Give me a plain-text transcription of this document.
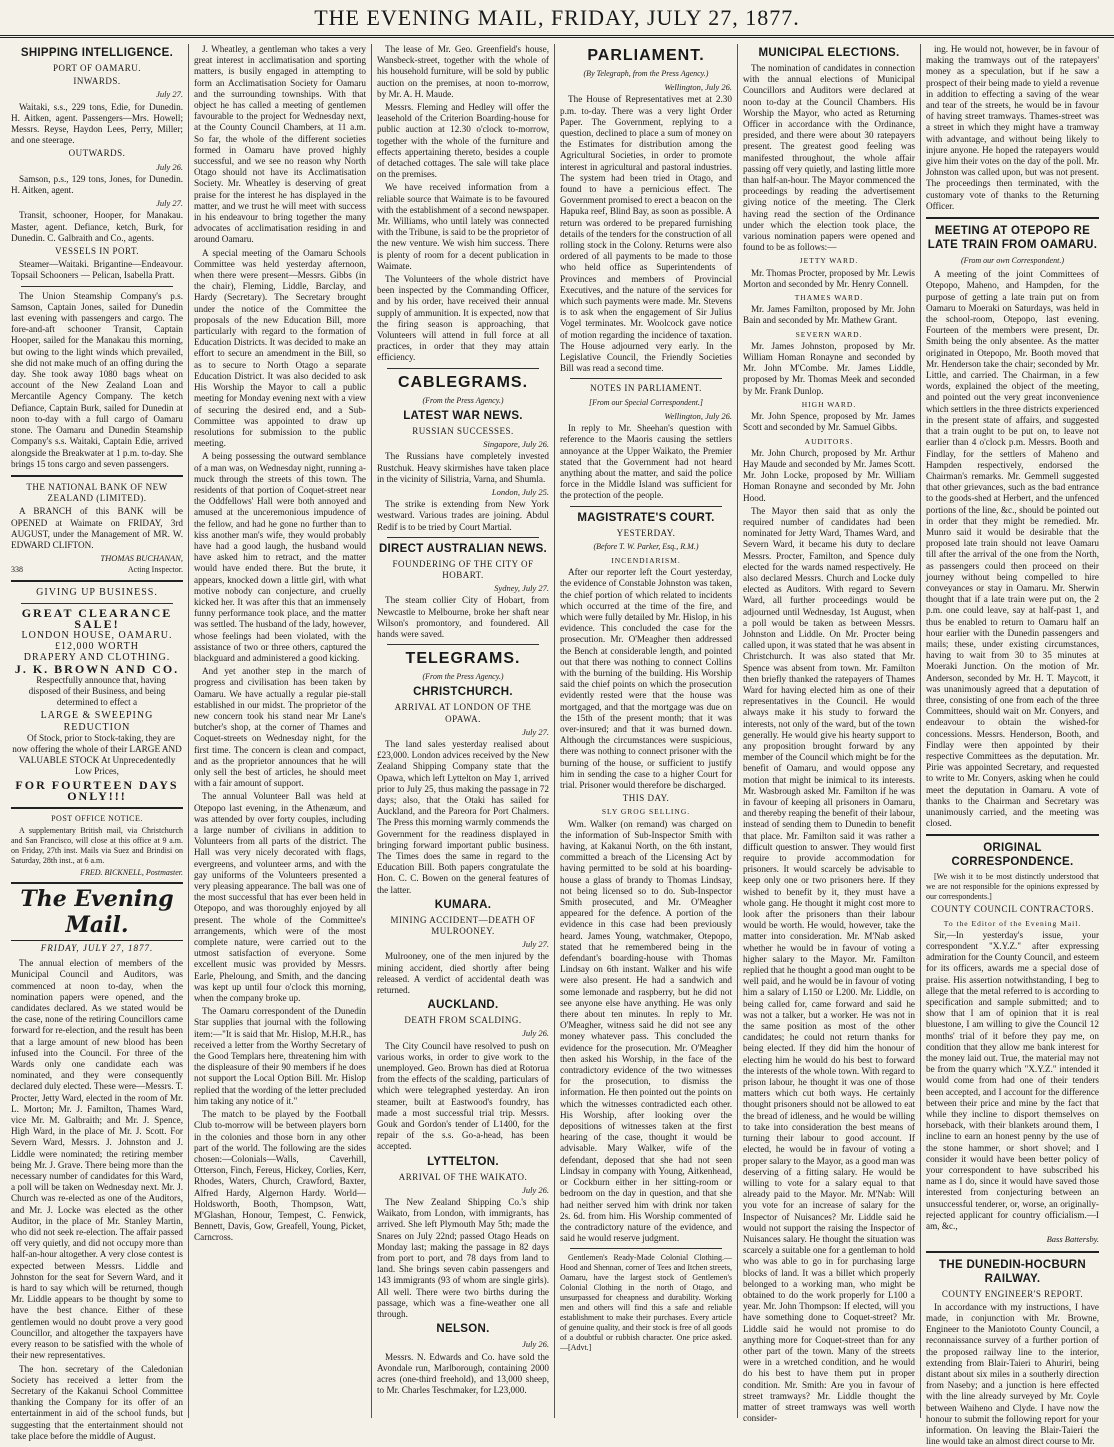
THE EVENING MAIL, FRIDAY, JULY 27, 1877.
SHIPPING INTELLIGENCE.
PORT OF OAMARU.
INWARDS.
July 27.

Waitaki, s.s., 229 tons, Edie, for Dunedin. H. Aitken, agent. Passengers—Mrs. Howell; Messrs. Reyse, Haydon Lees, Perry, Miller; and one steerage.

OUTWARDS.
July 26.

Samson, p.s., 129 tons, Jones, for Dunedin. H. Aitken, agent.

July 27.

Transit, schooner, Hooper, for Manakau. Master, agent. Defiance, ketch, Burk, for Dunedin. C. Galbraith and Co., agents.

VESSELS IN PORT.

Steamer—Waitaki. Brigantine—Endeavour. Topsail Schooners — Pelican, Isabella Pratt.

The Union Steamship Company's p.s. Samson, Captain Jones, sailed for Dunedin last evening with passengers and cargo. The fore-and-aft schooner Transit, Captain Hooper, sailed for the Manakau this morning, but owing to the light winds which prevailed, she did not make much of an offing during the day. She took away 1080 bags wheat on account of the New Zealand Loan and Mercantile Agency Company. The ketch Defiance, Captain Burk, sailed for Dunedin at noon to-day with a full cargo of Oamaru stone. The Oamaru and Dunedin Steamship Company's s.s. Waitaki, Captain Edie, arrived alongside the Breakwater at 1 p.m. to-day. She brings 15 tons cargo and seven passengers.

THE NATIONAL BANK OF NEW ZEALAND (LIMITED).

A BRANCH of this BANK will be OPENED at Waimate on FRIDAY, 3rd AUGUST, under the Management of MR. W. EDWARD CLIFTON.

THOMAS BUCHANAN,
338	Acting Inspector.
GIVING UP BUSINESS.
GREAT CLEARANCE SALE!
LONDON HOUSE, OAMARU.
£12,000 WORTH
DRAPERY AND CLOTHING.
J. K. BROWN AND CO.

Respectfully announce that, having disposed of their Business, and being determined to effect a

LARGE & SWEEPING REDUCTION

Of Stock, prior to Stock-taking, they are now offering the whole of their LARGE AND VALUABLE STOCK At Unprecedentedly Low Prices,

FOR FOURTEEN DAYS ONLY!!!
POST OFFICE NOTICE.

A supplementary British mail, via Christchurch and San Francisco, will close at this office at 9 a.m. on Friday, 27th inst. Mails via Suez and Brindisi on Saturday, 28th inst., at 6 a.m.

FRED. BICKNELL, Postmaster.
The Evening Mail.
FRIDAY, JULY 27, 1877.

The annual election of members of the Municipal Council and Auditors, was commenced at noon to-day, when the nomination papers were opened, and the candidates declared. As we stated would be the case, none of the retiring Councillors came forward for re-election, and the result has been that a large amount of new blood has been infused into the Council. For three of the Wards only one candidate each was nominated, and they were consequently declared duly elected. These were—Messrs. T. Procter, Jetty Ward, elected in the room of Mr. L. Morton; Mr. J. Familton, Thames Ward, vice Mr. M. Galbraith; and Mr. J. Spence, High Ward, in the place of Mr. J. Scott. For Severn Ward, Messrs. J. Johnston and J. Liddle were nominated; the retiring member being Mr. J. Grave. There being more than the necessary number of candidates for this Ward, a poll will be taken on Wednesday next. Mr. J. Church was re-elected as one of the Auditors, and Mr. J. Locke was elected as the other Auditor, in the place of Mr. Stanley Martin, who did not seek re-election. The affair passed off very quietly, and did not occupy more than half-an-hour altogether. A very close contest is expected between Messrs. Liddle and Johnston for the seat for Severn Ward, and it is hard to say which will be returned, though Mr. Liddle appears to be thought by some to have the best chance. Either of these gentlemen would no doubt prove a very good Councillor, and altogether the taxpayers have every reason to be satisfied with the whole of their new representatives.

The hon. secretary of the Caledonian Society has received a letter from the Secretary of the Kakanui School Committee thanking the Company for its offer of an entertainment in aid of the school funds, but suggesting that the entertainment should not take place before the middle of August.

J. Wheatley, a gentleman who takes a very great interest in acclimatisation and sporting matters, is busily engaged in attempting to form an Acclimatisation Society for Oamaru and the surrounding townships. With that object he has called a meeting of gentlemen favourable to the project for Wednesday next, at the County Council Chambers, at 11 a.m. So far, the whole of the different societies formed in Oamaru have proved highly successful, and we see no reason why North Otago should not have its Acclimatisation Society. Mr. Wheatley is deserving of great praise for the interest he has displayed in the matter, and we trust he will meet with success in his endeavour to bring together the many advocates of acclimatisation residing in and around Oamaru.

A special meeting of the Oamaru Schools Committee was held yesterday afternoon, when there were present—Messrs. Gibbs (in the chair), Fleming, Liddle, Barclay, and Hardy (Secretary). The Secretary brought under the notice of the Committee the proposals of the new Education Bill, more particularly with regard to the formation of Education Districts. It was decided to make an effort to secure an amendment in the Bill, so as to secure to North Otago a separate Education District. It was also decided to ask His Worship the Mayor to call a public meeting for Monday evening next with a view of securing the desired end, and a Sub-Committee was appointed to draw up resolutions for submission to the public meeting.

A being possessing the outward semblance of a man was, on Wednesday night, running a-muck through the streets of this town. The residents of that portion of Coquet-street near the Oddfellows' Hall were both annoyed and amused at the unceremonious impudence of the fellow, and had he gone no further than to kiss another man's wife, they would probably have had a good laugh, the husband would have asked him to retract, and the matter would have ended there. But the brute, it appears, knocked down a little girl, with what motive nobody can conjecture, and cruelly kicked her. It was after this that an immensely funny performance took place, and the matter was settled. The husband of the lady, however, whose feelings had been violated, with the assistance of two or three others, captured the blackguard and administered a good kicking.

And yet another step in the march of progress and civilisation has been taken by Oamaru. We have actually a regular pie-stall established in our midst. The proprietor of the new concern took his stand near Mr Lane's butcher's shop, at the corner of Thames and Coquet-streets on Wednesday night, for the first time. The concern is clean and compact, and as the proprietor announces that he will only sell the best of articles, he should meet with a fair amount of support.

The annual Volunteer Ball was held at Otepopo last evening, in the Athenæum, and was attended by over forty couples, including a large number of civilians in addition to Volunteers from all parts of the district. The Hall was very nicely decorated with flags, evergreens, and volunteer arms, and with the gay uniforms of the Volunteers presented a very pleasing appearance. The ball was one of the most successful that has ever been held in Otepopo, and was thoroughly enjoyed by all present. The whole of the Committee's arrangements, which were of the most complete nature, were carried out to the utmost satisfaction of everyone. Some excellent music was provided by Messrs. Earle, Pheloung, and Smith, and the dancing was kept up until four o'clock this morning, when the company broke up.

The Oamaru correspondent of the Dunedin Star supplies that journal with the following item:—"It is said that Mr. Hislop, M.H.R., has received a letter from the Worthy Secretary of the Good Templars here, threatening him with the displeasure of their 90 members if he does not support the Local Option Bill. Mr. Hislop replied that the wording of the letter precluded him taking any notice of it."

The match to be played by the Football Club to-morrow will be between players born in the colonies and those born in any other part of the world. The following are the sides chosen:—Colonials—Walls, Caverhill, Otterson, Finch, Fereus, Hickey, Corlies, Kerr, Rhodes, Waters, Church, Crawford, Baxter, Alfred Hardy, Algernon Hardy. World—Holdsworth, Booth, Thompson, Watt, M'Glashan, Honour, Tempest, C. Fenwick, Bennett, Davis, Gow, Greafell, Young, Picket, Carncross.

The lease of Mr. Geo. Greenfield's house, Wansbeck-street, together with the whole of his household furniture, will be sold by public auction on the premises, at noon to-morrow, by Mr. A. H. Maude.

Messrs. Fleming and Hedley will offer the leasehold of the Criterion Boarding-house for public auction at 12.30 o'clock to-morrow, together with the whole of the furniture and effects appertaining thereto, besides a couple of detached cottages. The sale will take place on the premises.

We have received information from a reliable source that Waimate is to be favoured with the establishment of a second newspaper. Mr. Williams, who until lately was connected with the Tribune, is said to be the proprietor of the new venture. We wish him success. There is plenty of room for a decent publication in Waimate.

The Volunteers of the whole district have been inspected by the Commanding Officer, and by his order, have received their annual supply of ammunition. It is expected, now that the firing season is approaching, that Volunteers will attend in full force at all practices, in order that they may attain efficiency.

CABLEGRAMS.
(From the Press Agency.)
LATEST WAR NEWS.
RUSSIAN SUCCESSES.
Singapore, July 26.

The Russians have completely invested Rustchuk. Heavy skirmishes have taken place in the vicinity of Silistria, Varna, and Shumla.

London, July 25.

The strike is extending from New York westward. Various trades are joining. Abdul Redif is to be tried by Court Martial.

DIRECT AUSTRALIAN NEWS.
FOUNDERING OF THE CITY OF HOBART.
Sydney, July 27.

The steam collier City of Hobart, from Newcastle to Melbourne, broke her shaft near Wilson's promontory, and foundered. All hands were saved.

TELEGRAMS.
(From the Press Agency.)
CHRISTCHURCH.
ARRIVAL AT LONDON OF THE OPAWA.
July 27.

The land sales yesterday realised about £23,000. London advices received by the New Zealand Shipping Company state that the Opawa, which left Lyttelton on May 1, arrived prior to July 25, thus making the passage in 72 days; also, that the Otaki has sailed for Auckland, and the Pareora for Port Chalmers. The Press this morning warmly commends the Government for the readiness displayed in bringing forward important public business. The Times does the same in regard to the Education Bill. Both papers congratulate the Hon. C. C. Bowen on the general features of the latter.

KUMARA.
MINING ACCIDENT—DEATH OF MULROONEY.
July 27.

Mulrooney, one of the men injured by the mining accident, died shortly after being released. A verdict of accidental death was returned.

AUCKLAND.
DEATH FROM SCALDING.
July 26.

The City Council have resolved to push on various works, in order to give work to the unemployed. Geo. Brown has died at Rotorua from the effects of the scalding, particulars of which were telegraphed yesterday. An iron steamer, built at Eastwood's foundry, has made a most successful trial trip. Messrs. Gouk and Gordon's tender of L1400, for the repair of the s.s. Go-a-head, has been accepted.

LYTTELTON.
ARRIVAL OF THE WAIKATO.
July 26.

The New Zealand Shipping Co.'s ship Waikato, from London, with immigrants, has arrived. She left Plymouth May 5th; made the Snares on July 22nd; passed Otago Heads on Monday last; making the passage in 82 days from port to port, and 78 days from land to land. She brings seven cabin passengers and 143 immigrants (93 of whom are single girls). All well. There were two births during the passage, which was a fine-weather one all through.

NELSON.
July 26.

Messrs. N. Edwards and Co. have sold the Avondale run, Marlborough, containing 2000 acres (one-third freehold), and 13,000 sheep, to Mr. Charles Teschmaker, for L23,000.

PARLIAMENT.
(By Telegraph, from the Press Agency.)
Wellington, July 26.

The House of Representatives met at 2.30 p.m. to-day. There was a very light Order Paper. The Government, replying to a question, declined to place a sum of money on the Estimates for distribution among the Agricultural Societies, in order to promote interest in agricultural and pastoral industries. The system had been tried in Otago, and found to have a pernicious effect. The Government promised to erect a beacon on the Hapuka reef, Blind Bay, as soon as possible. A return was ordered to be prepared furnishing details of the tenders for the construction of all rolling stock in the Colony. Returns were also ordered of all payments to be made to those who held office as Superintendents of Provinces and members of Provincial Executives, and the nature of the services for which such payments were made. Mr. Stevens is to ask when the engagement of Sir Julius Vogel terminates. Mr. Woolcock gave notice of motion regarding the incidence of taxation. The House adjourned very early. In the Legislative Council, the Friendly Societies Bill was read a second time.

NOTES IN PARLIAMENT.
[From our Special Correspondent.]
Wellington, July 26.

In reply to Mr. Sheehan's question with reference to the Maoris causing the settlers annoyance at the Upper Waikato, the Premier stated that the Government had not heard anything about the matter, and said the police force in the Middle Island was sufficient for the protection of the people.

MAGISTRATE'S COURT.
YESTERDAY.
(Before T. W. Parker, Esq., R.M.)
INCENDIARISM.

After our reporter left the Court yesterday, the evidence of Constable Johnston was taken, the chief portion of which related to incidents which occurred at the time of the fire, and which were fully detailed by Mr. Hislop, in his evidence. This concluded the case for the prosecution. Mr. O'Meagher then addressed the Bench at considerable length, and pointed out that there was nothing to connect Collins with the burning of the building. His Worship said the chief points on which the prosecution evidently rested were that the house was mortgaged, and that the mortgage was due on the 15th of the present month; that it was over-insured; and that it was burned down. Although the circumstances were suspicious, there was nothing to connect prisoner with the burning of the house, or sufficient to justify him in sending the case to a higher Court for trial. Prisoner would therefore be discharged.

THIS DAY.
SLY GROG SELLING.

Wm. Walker (on remand) was charged on the information of Sub-Inspector Smith with having, at Kakanui North, on the 6th instant, committed a breach of the Licensing Act by having permitted to be sold at his boarding-house a glass of brandy to Thomas Lindsay, not being licensed so to do. Sub-Inspector Smith prosecuted, and Mr. O'Meagher appeared for the defence. A portion of the evidence in this case had been previously heard. James Young, watchmaker, Otepopo, stated that he remembered being in the defendant's boarding-house with Thomas Lindsay on 6th instant. Walker and his wife were also present. He had a sandwich and some lemonade and raspberry, but he did not see anyone else have anything. He was only there about ten minutes. In reply to Mr. O'Meagher, witness said he did not see any money whatever pass. This concluded the evidence for the prosecution. Mr. O'Meagher then asked his Worship, in the face of the contradictory evidence of the two witnesses for the prosecution, to dismiss the information. He then pointed out the points on which the witnesses contradicted each other. His Worship, after looking over the depositions of witnesses taken at the first hearing of the case, thought it would be advisable. Mary Walker, wife of the defendant, deposed that she had not seen Lindsay in company with Young, Aitkenhead, or Cockburn either in her sitting-room or bedroom on the day in question, and that she had neither served him with drink nor taken 2s. 6d. from him. His Worship commented of the contradictory nature of the evidence, and said he would reserve judgment.

Gentlemen's Ready-Made Colonial Clothing.—Hood and Shennan, corner of Tees and Itchen streets, Oamaru, have the largest stock of Gentlemen's Colonial Clothing in the north of Otago, and unsurpassed for cheapness and durability. Working men and others will find this a safe and reliable establishment to make their purchases. Every article of genuine quality, and their stock is free of all goods of a doubtful or rubbish character. One price asked.—[Advt.]

MUNICIPAL ELECTIONS.

The nomination of candidates in connection with the annual elections of Municipal Councillors and Auditors were declared at noon to-day at the Council Chambers. His Worship the Mayor, who acted as Returning Officer in accordance with the Ordinance, presided, and there were about 30 ratepayers present. The greatest good feeling was manifested throughout, the whole affair passing off very quietly, and lasting little more than half-an-hour. The Mayor commenced the proceedings by reading the advertisement giving notice of the meeting. The Clerk having read the section of the Ordinance under which the election took place, the various nomination papers were opened and found to be as follows:—

JETTY WARD.

Mr. Thomas Procter, proposed by Mr. Lewis Morton and seconded by Mr. Henry Connell.

THAMES WARD.

Mr. James Familton, proposed by Mr. John Bain and seconded by Mr. Mathew Grant.

SEVERN WARD.

Mr. James Johnston, proposed by Mr. William Homan Ronayne and seconded by Mr. John M'Combe. Mr. James Liddle, proposed by Mr. Thomas Meek and seconded by Mr. Frank Dunlop.

HIGH WARD.

Mr. John Spence, proposed by Mr. James Scott and seconded by Mr. Samuel Gibbs.

AUDITORS.

Mr. John Church, proposed by Mr. Arthur Hay Maude and seconded by Mr. James Scott. Mr. John Locke, proposed by Mr. William Homan Ronayne and seconded by Mr. John Hood.

The Mayor then said that as only the required number of candidates had been nominated for Jetty Ward, Thames Ward, and Severn Ward, it became his duty to declare Messrs. Procter, Familton, and Spence duly elected for the wards named respectively. He also declared Messrs. Church and Locke duly elected as Auditors. With regard to Severn Ward, all further proceedings would be adjourned until Wednesday, 1st August, when a poll would be taken as between Messrs. Johnston and Liddle. On Mr. Procter being called upon, it was stated that he was absent in Christchurch. It was also stated that Mr. Spence was absent from town. Mr. Familton then briefly thanked the ratepayers of Thames Ward for having elected him as one of their representatives in the Council. He would always make it his study to forward the interests, not only of the ward, but of the town generally. He would give his hearty support to any proposition brought forward by any member of the Council which might be for the benefit of Oamaru, and would oppose any motion that might be inimical to its interests. Mr. Wasbrough asked Mr. Familton if he was in favour of keeping all prisoners in Oamaru, and thereby reaping the benefit of their labour, instead of sending them to Dunedin to benefit that place. Mr. Familton said it was rather a difficult question to answer. They would first require to provide accommodation for prisoners. It would scarcely be advisable to keep only one or two prisoners here. If they wished to benefit by it, they must have a whole gang. He thought it might cost more to look after the prisoners than their labour would be worth. He would, however, take the matter into consideration. Mr. M'Nab asked whether he would be in favour of voting a higher salary to the Mayor. Mr. Familton replied that he thought a good man ought to be well paid, and he would be in favour of voting him a salary of L150 or L200. Mr. Liddle, on being called for, came forward and said he was not a talker, but a worker. He was not in the same position as most of the other candidates; he could not return thanks for being elected. If they did him the honour of electing him he would do his best to forward the interests of the whole town. With regard to prison labour, he thought it was one of those matters which cut both ways. He certainly thought prisoners should not be allowed to eat the bread of idleness, and he would be willing to take into consideration the best means of turning their labour to good account. If elected, he would be in favour of voting a proper salary to the Mayor, as a good man was deserving of a fitting salary. He would be willing to vote for a salary equal to that already paid to the Mayor. Mr. M'Nab: Will you vote for an increase of salary for the Inspector of Nuisances? Mr. Liddle said he would not support the raising the Inspector of Nuisances salary. He thought the situation was scarcely a suitable one for a gentleman to hold who was able to go in for purchasing large blocks of land. It was a billet which properly belonged to a working man, who might be obtained to do the work properly for L100 a year. Mr. John Thompson: If elected, will you have something done to Coquet-street? Mr. Liddle said he would not promise to do anything more for Coquet-street than for any other part of the town. Many of the streets were in a wretched condition, and he would do his best to have them put in proper condition. Mr. Smith: Are you in favour of street tramways? Mr. Liddle thought the matter of street tramways was well worth consider-

ing. He would not, however, be in favour of making the tramways out of the ratepayers' money as a speculation, but if he saw a prospect of their being made to yield a revenue in addition to effecting a saving of the wear and tear of the streets, he would be in favour of having street tramways. Thames-street was a street in which they might have a tramway with advantage, and without being likely to injure anyone. He hoped the ratepayers would give him their votes on the day of the poll. Mr. Johnston was called upon, but was not present. The proceedings then terminated, with the customary vote of thanks to the Returning Officer.

MEETING AT OTEPOPO RE LATE TRAIN FROM OAMARU.
(From our own Correspondent.)

A meeting of the joint Committees of Otepopo, Maheno, and Hampden, for the purpose of getting a late train put on from Oamaru to Moeraki on Saturdays, was held in the school-room, Otepopo, last evening. Fourteen of the members were present, Dr. Smith being the only absentee. As the matter originated in Otepopo, Mr. Booth moved that Mr. Henderson take the chair; seconded by Mr. Little, and carried. The Chairman, in a few words, explained the object of the meeting, and pointed out the very great inconvenience which settlers in the three districts experienced in the present state of affairs, and suggested that a train ought to be put on, to leave not earlier than 4 o'clock p.m. Messrs. Booth and Findlay, for the settlers of Maheno and Hampden respectively, endorsed the Chairman's remarks. Mr. Gemmell suggested that other grievances, such as the bad entrance to the goods-shed at Herbert, and the unfenced portions of the line, &c., should be pointed out in order that they might be remedied. Mr. Munro said it would be desirable that the proposed late train should not leave Oamaru till after the arrival of the one from the North, as passengers could then proceed on their journey without being compelled to hire conveyances or stay in Oamaru. Mr. Sherwin thought that if a late train were put on, the 2 p.m. one could leave, say at half-past 1, and thus be enabled to return to Oamaru half an hour earlier with the Dunedin passengers and mails; these, under existing circumstances, having to wait from 30 to 35 minutes at Moeraki Junction. On the motion of Mr. Anderson, seconded by Mr. H. T. Maycott, it was unanimously agreed that a deputation of three, consisting of one from each of the three Committees, should wait on Mr. Conyers, and endeavour to obtain the wished-for concessions. Messrs. Henderson, Booth, and Findlay were then appointed by their respective Committees as the deputation. Mr. Pirie was appointed Secretary, and requested to write to Mr. Conyers, asking when he could meet the deputation in Oamaru. A vote of thanks to the Chairman and Secretary was unanimously carried, and the meeting was closed.

ORIGINAL CORRESPONDENCE.

[We wish it to be most distinctly understood that we are not responsible for the opinions expressed by our correspondents.]

COUNTY COUNCIL CONTRACTORS.
To the Editor of the Evening Mail.

Sir,—In yesterday's issue, your correspondent "X.Y.Z." after expressing admiration for the County Council, and esteem for its officers, awards me a special dose of praise. His assertion notwithstanding, I beg to allege that the metal referred to is according to specification and sample submitted; and to show that I am of opinion that it is real bluestone, I am willing to give the Council 12 months' trial of it before they pay me, on condition that they allow me bank interest for the money laid out. True, the material may not be from the quarry which "X.Y.Z." intended it would come from had one of their tenders been accepted, and I account for the difference between their price and mine by the fact that while they incline to disport themselves on horseback, with their blankets around them, I incline to earn an honest penny by the use of the stone hammer, or short shovel; and I consider it would have been better policy of your correspondent to have subscribed his name as I do, since it would have saved those interested from conjecturing between an unsuccessful tenderer, or, worse, an originally-rejected applicant for country officialism.—I am, &c.,

Bass Battersby.
THE DUNEDIN-HOCBURN RAILWAY.
COUNTY ENGINEER'S REPORT.

In accordance with my instructions, I have made, in conjunction with Mr. Browne, Engineer to the Maniototo County Council, a reconnaissance survey of a further portion of the proposed railway line to the interior, extending from Blair-Taieri to Ahuriri, being distant about six miles in a southerly direction from Naseby; and a junction is here effected with the line already surveyed by Mr. Coyle between Waiheno and Clyde. I have now the honour to submit the following report for your information. On leaving the Blair-Taieri the line would take an almost direct course to Mr.
